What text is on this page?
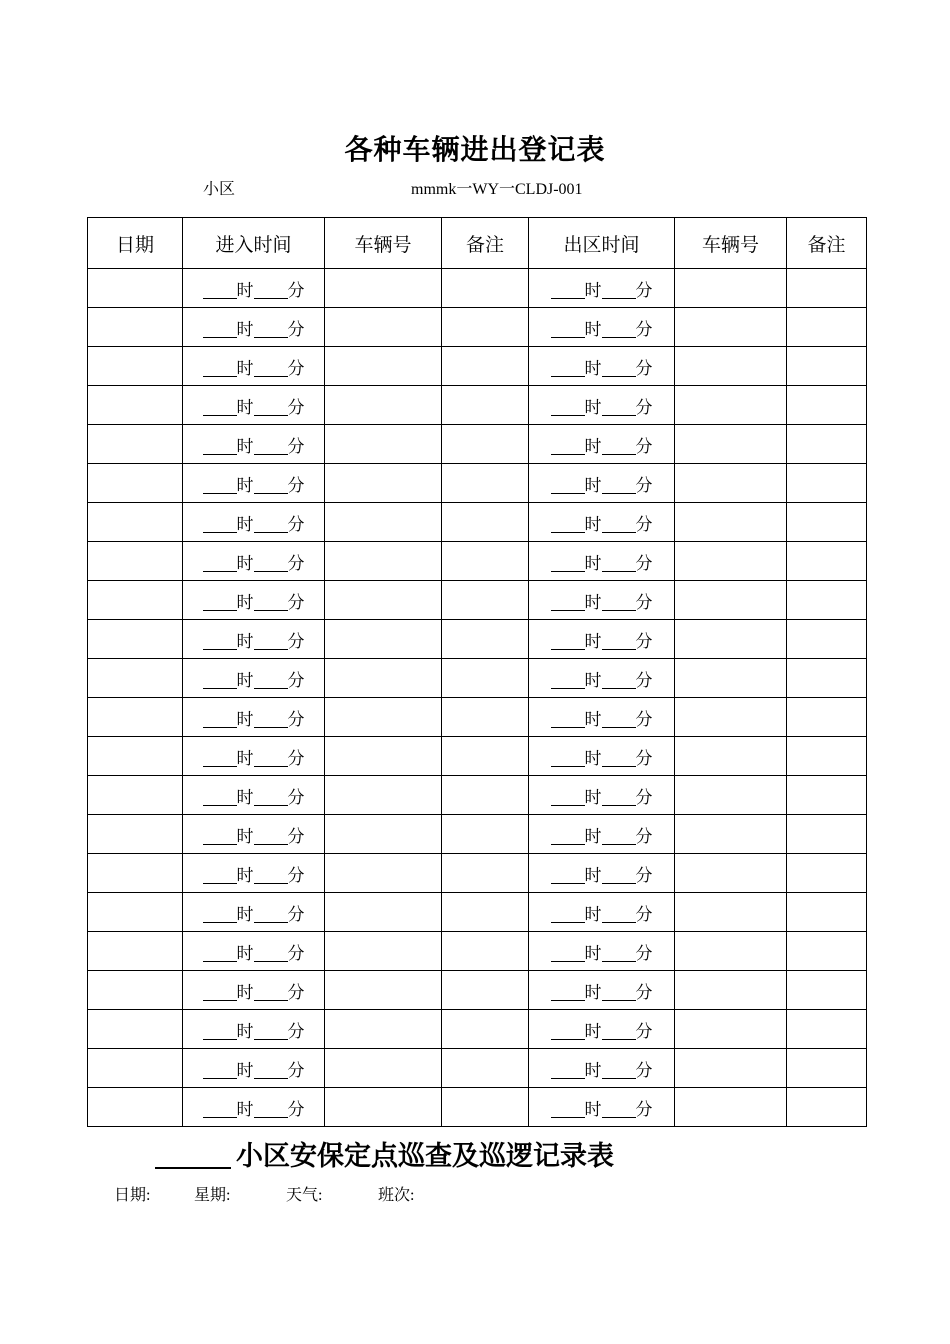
各种车辆进出登记表
小区	mmmk一WY一CLDJ-001
日期	进入时间	车辆号	备注	出区时间	车辆号	备注
	时 分			时 分		
	时 分			时 分		
	时 分			时 分		
	时 分			时 分		
	时 分			时 分		
	时 分			时 分		
	时 分			时 分		
	时 分			时 分		
	时 分			时 分		
	时 分			时 分		
	时 分			时 分		
	时 分			时 分		
	时 分			时 分		
	时 分			时 分		
	时 分			时 分		
	时 分			时 分		
	时 分			时 分		
	时 分			时 分		
	时 分			时 分		
	时 分			时 分		
	时 分			时 分		
	时 分			时 分		
小区安保定点巡查及巡逻记录表
日期:	星期:	天气:	班次:
